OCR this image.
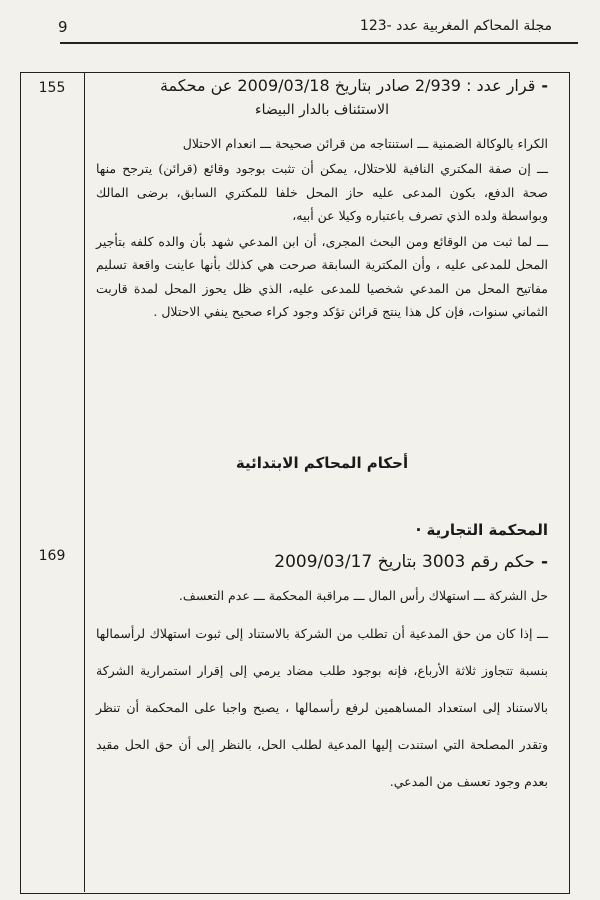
9	مجلة المحاكم المغربية عدد -123
155	-قرار عدد : 2/939 صادر بتاريخ 2009/03/18 عن محكمة
الاستئناف بالدار البيضاء
الكراء بالوكالة الضمنية ـــ استنتاجه من قرائن صحيحة ـــ انعدام الاحتلال
ـــ إن صفة المكتري النافية للاحتلال، يمكن أن تثبت بوجود وقائع (قرائن) يترجح منها صحة الدفع، بكون المدعى عليه حاز المحل خلفا للمكتري السابق، برضى المالك وبواسطة ولده الذي تصرف باعتباره وكيلا عن أبيه،
ـــ لما ثبت من الوقائع ومن البحث المجرى، أن ابن المدعي شهد بأن والده كلفه بتأجير المحل للمدعى عليه ، وأن المكترية السابقة صرحت هي كذلك بأنها عاينت واقعة تسليم مفاتيح المحل من المدعي شخصيا للمدعى عليه، الذي ظل يحوز المحل لمدة قاربت الثماني سنوات، فإن كل هذا ينتج قرائن تؤكد وجود كراء صحيح ينفي الاحتلال .
أحكام المحاكم الابتدائية
المحكمة التجارية ·
169	-حكم رقم 3003 بتاريخ 2009/03/17
حل الشركة ـــ استهلاك رأس المال ـــ مراقبة المحكمة ـــ عدم التعسف.
ـــ إذا كان من حق المدعية أن تطلب من الشركة بالاستناد إلى ثبوت استهلاك لرأسمالها بنسبة تتجاوز ثلاثة الأرباع، فإنه بوجود طلب مضاد يرمي إلى إقرار استمرارية الشركة بالاستناد إلى استعداد المساهمين لرفع رأسمالها ، يصبح واجبا على المحكمة أن تنظر وتقدر المصلحة التي استندت إليها المدعية لطلب الحل، بالنظر إلى أن حق الحل مقيد بعدم وجود تعسف من المدعي.
